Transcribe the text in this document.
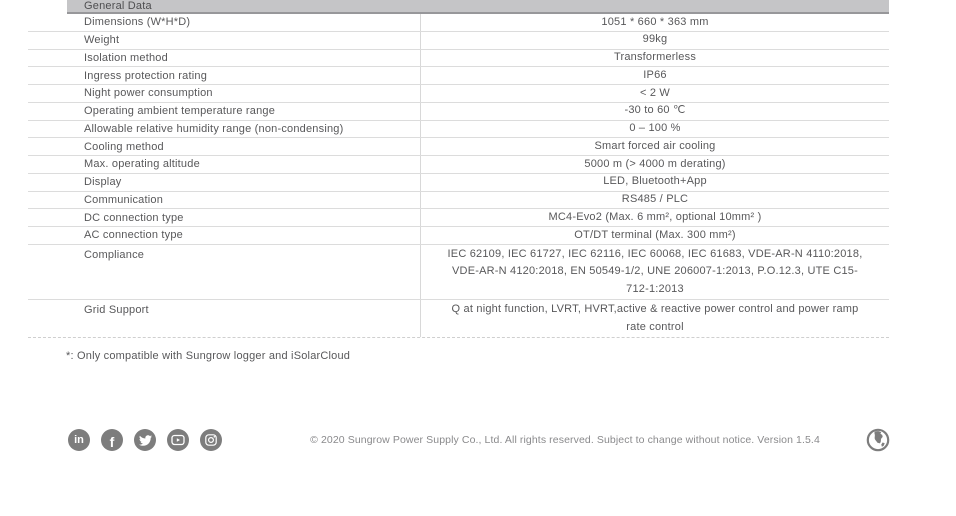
General Data
Dimensions (W*H*D)	1051 * 660 * 363 mm
Weight	99kg
Isolation method	Transformerless
Ingress protection rating	IP66
Night power consumption	< 2 W
Operating ambient temperature range	-30 to 60 ℃
Allowable relative humidity range (non-condensing)	0 – 100 %
Cooling method	Smart forced air cooling
Max. operating altitude	5000 m (> 4000 m derating)
Display	LED, Bluetooth+App
Communication	RS485 / PLC
DC connection type	MC4-Evo2 (Max. 6 mm², optional 10mm² )
AC connection type	OT/DT terminal (Max. 300 mm²)
Compliance	IEC 62109, IEC 61727, IEC 62116, IEC 60068, IEC 61683, VDE-AR-N 4110:2018, VDE-AR-N 4120:2018, EN 50549-1/2, UNE 206007-1:2013, P.O.12.3, UTE C15-712-1:2013
Grid Support	Q at night function, LVRT, HVRT,active & reactive power control and power ramp rate control
*: Only compatible with Sungrow logger and iSolarCloud
in f	© 2020 Sungrow Power Supply Co., Ltd. All rights reserved. Subject to change without notice. Version 1.5.4
